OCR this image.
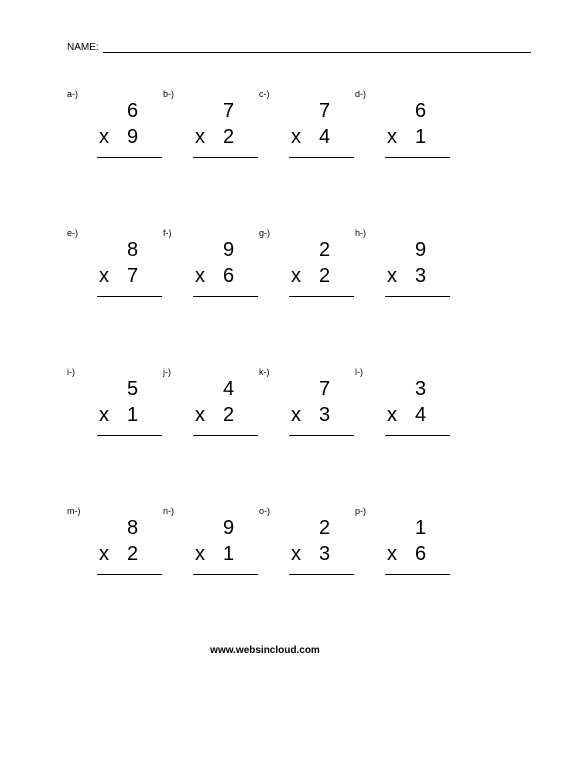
NAME:
a-)
6
x 9
b-)
7
x 2
c-)
7
x 4
d-)
6
x 1
e-)
8
x 7
f-)
9
x 6
g-)
2
x 2
h-)
9
x 3
i-)
5
x 1
j-)
4
x 2
k-)
7
x 3
l-)
3
x 4
m-)
8
x 2
n-)
9
x 1
o-)
2
x 3
p-)
1
x 6
www.websincloud.com
